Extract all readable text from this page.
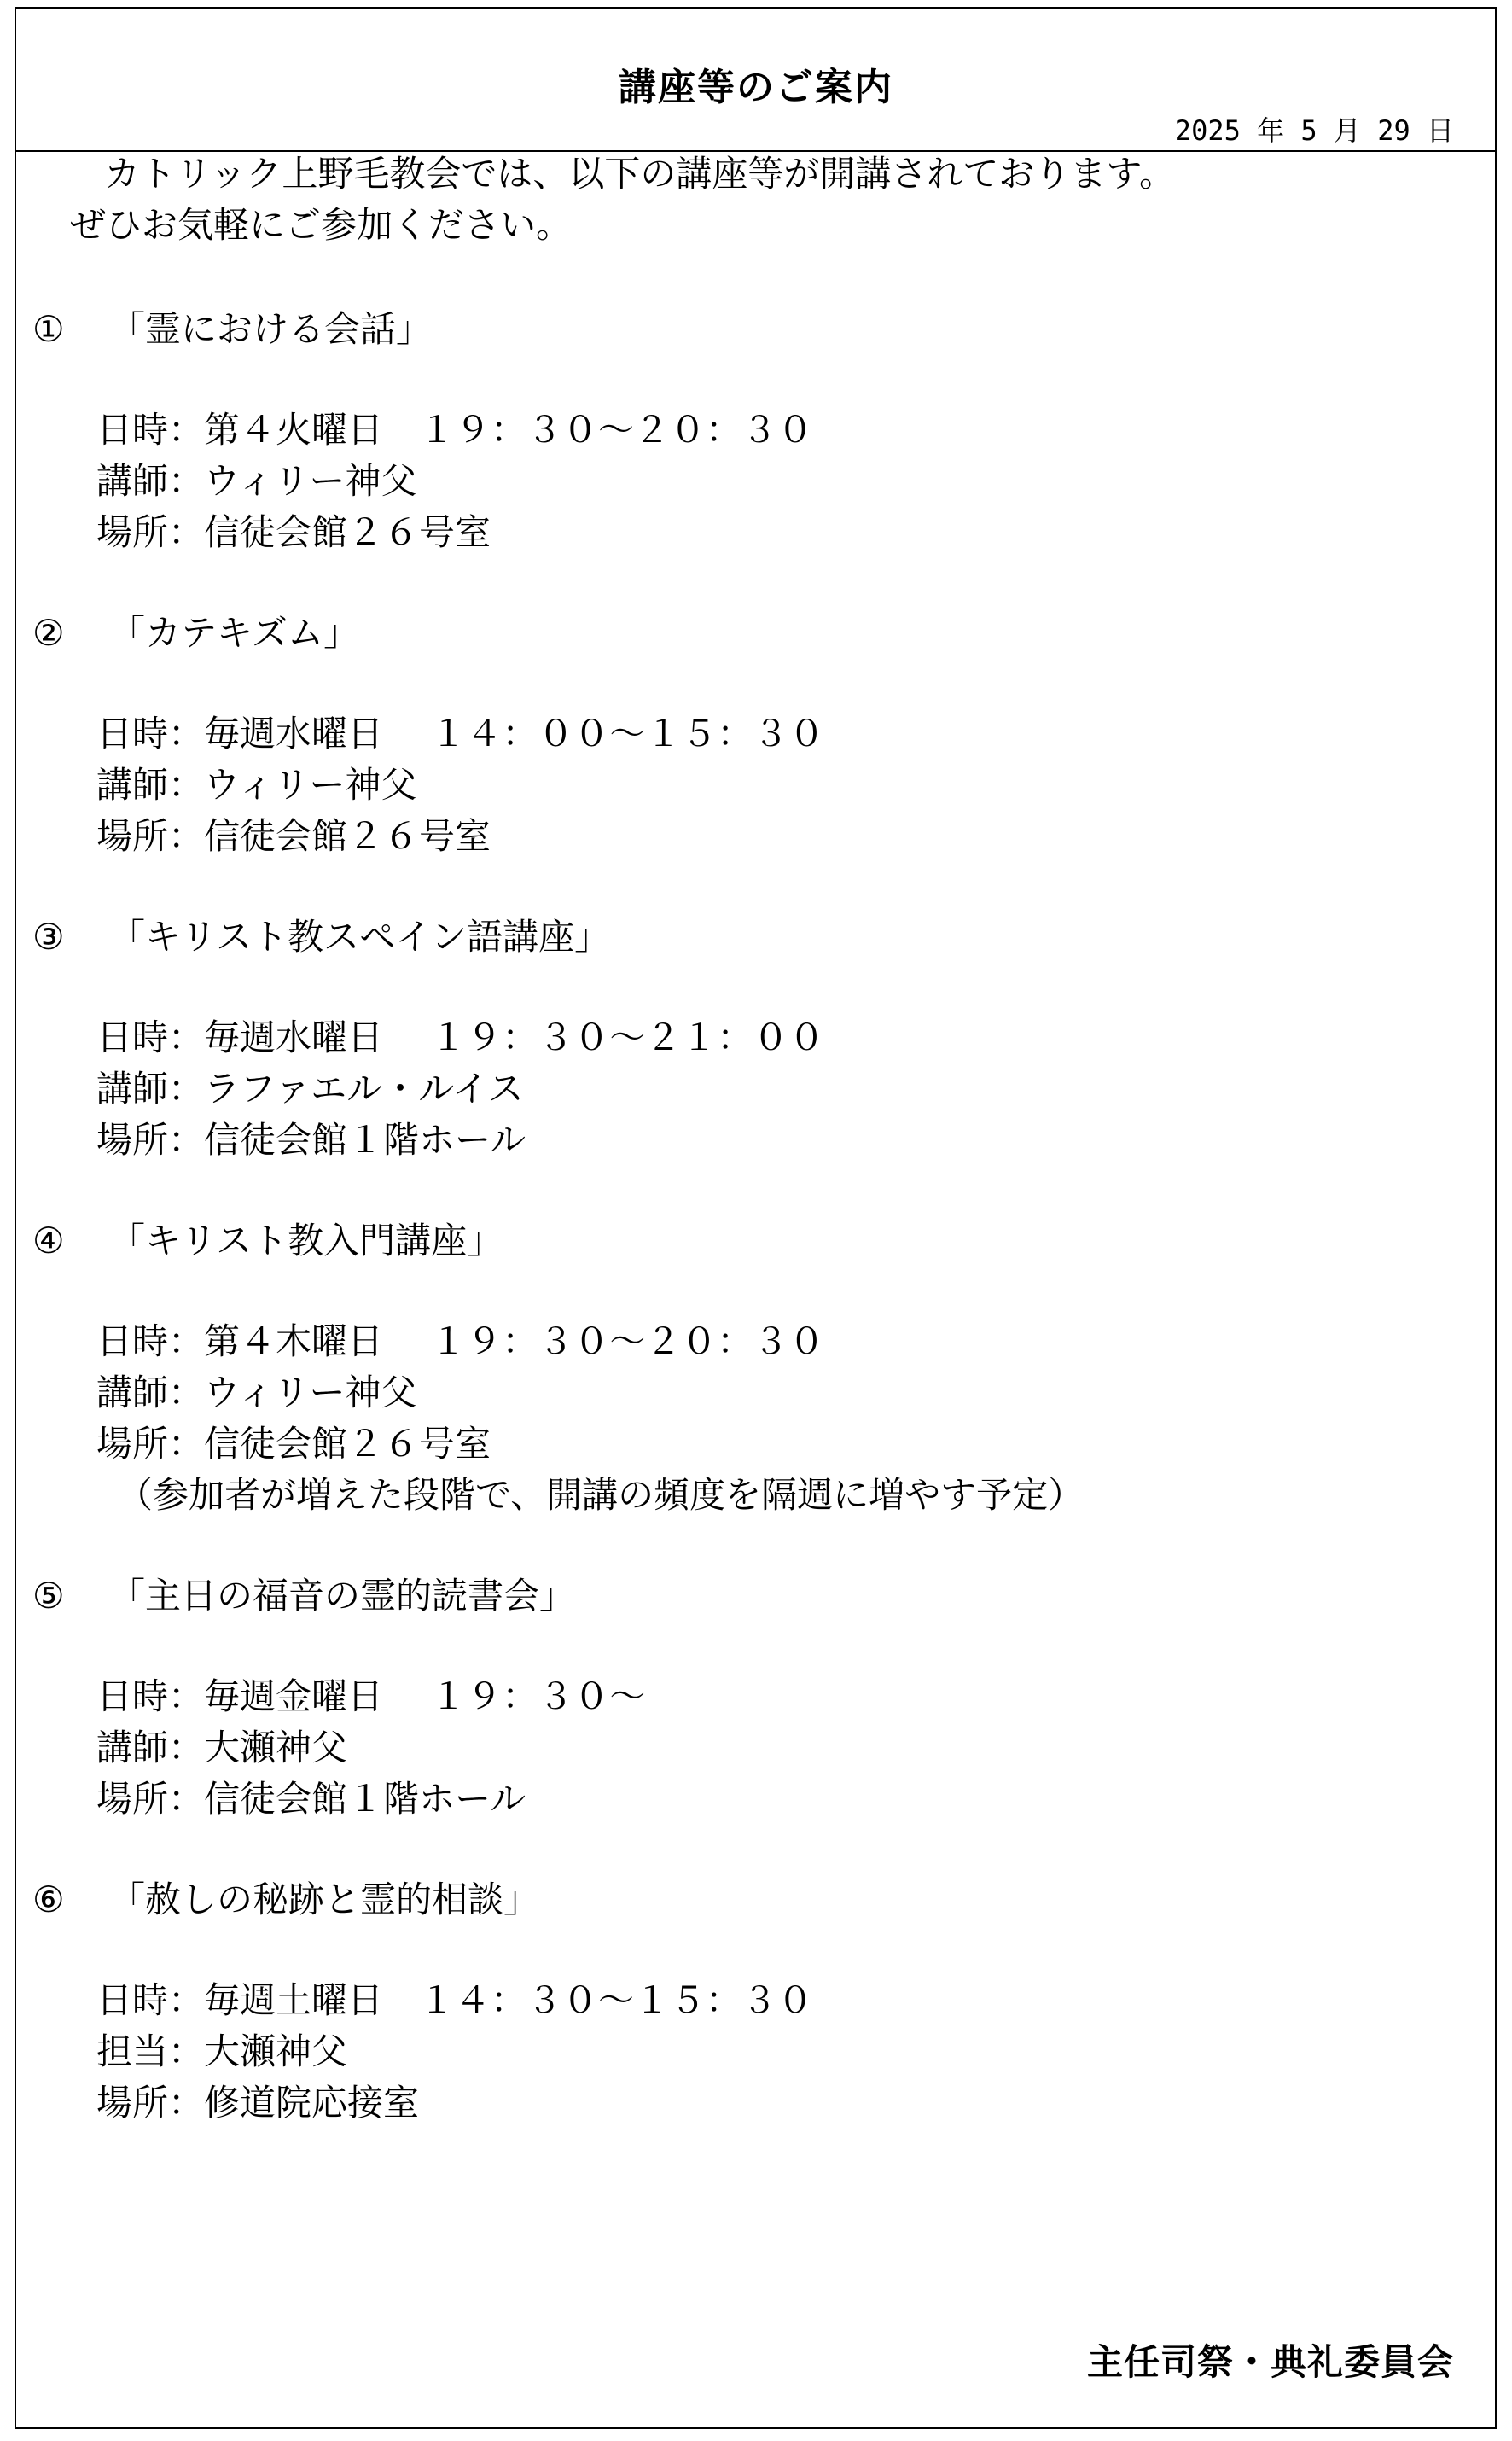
講座等のご案内
2025 年 5 月 29 日
カトリック上野毛教会では、以下の講座等が開講されております。
ぜひお気軽にご参加ください。
① 「霊における会話」
日時：第４火曜日　１９：３０～２０：３０
講師：ウィリー神父
場所：信徒会館２６号室
② 「カテキズム」
日時：毎週水曜日　 １４：００～１５：３０
講師：ウィリー神父
場所：信徒会館２６号室
③ 「キリスト教スペイン語講座」
日時：毎週水曜日　 １９：３０～２１：００
講師：ラファエル・ルイス
場所：信徒会館１階ホール
④ 「キリスト教入門講座」
日時：第４木曜日　 １９：３０～２０：３０
講師：ウィリー神父
場所：信徒会館２６号室
（参加者が増えた段階で、開講の頻度を隔週に増やす予定）
⑤ 「主日の福音の霊的読書会」
日時：毎週金曜日　 １９：３０～
講師：大瀬神父
場所：信徒会館１階ホール
⑥ 「赦しの秘跡と霊的相談」
日時：毎週土曜日　１４：３０～１５：３０
担当：大瀬神父
場所：修道院応接室
主任司祭・典礼委員会
